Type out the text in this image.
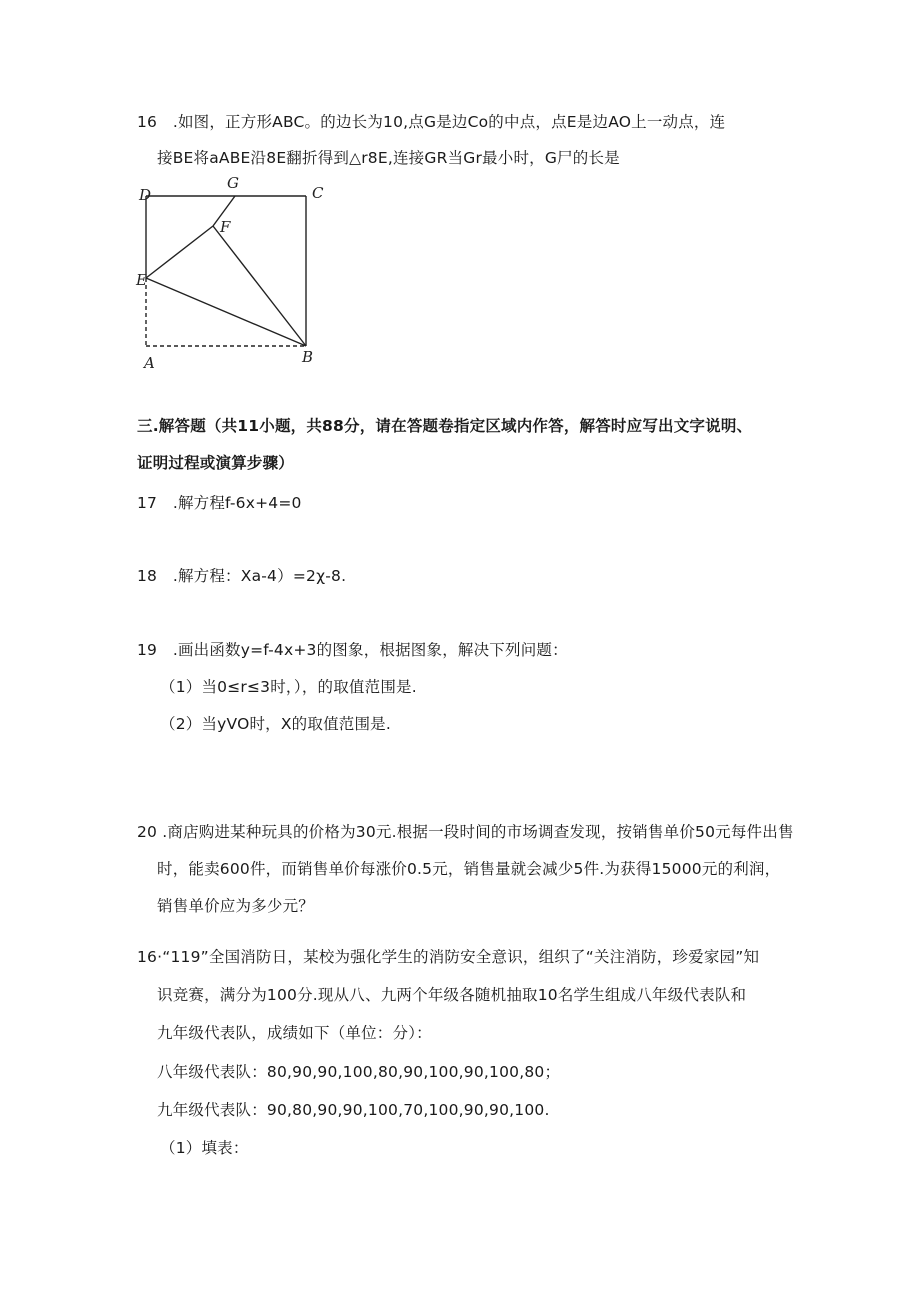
16　.如图，正方形ABC。的边长为10,点G是边Co的中点，点E是边AO上一动点，连
接BE将aABE沿8E翻折得到△r8E,连接GR当Gr最小时，G尸的长是
D
G
C
F
E
A	B
三.解答题（共11小题，共88分，请在答题卷指定区域内作答，解答时应写出文字说明、
证明过程或演算步骤）
17　.解方程f-6x+4=0
18　.解方程：Xa-4）=2χ-8.
19　.画出函数y=f-4x+3的图象，根据图象，解决下列问题：
（1）当0≤r≤3时，），的取值范围是.
（2）当yVO时，X的取值范围是.
20 .商店购进某种玩具的价格为30元.根据一段时间的市场调查发现，按销售单价50元每件出售
时，能卖600件，而销售单价每涨价0.5元，销售量就会减少5件.为获得15000元的利润，
销售单价应为多少元？
16·“119”全国消防日，某校为强化学生的消防安全意识，组织了“关注消防，珍爱家园”知
识竞赛，满分为100分.现从八、九两个年级各随机抽取10名学生组成八年级代表队和
九年级代表队，成绩如下（单位：分）：
八年级代表队：80,90,90,100,80,90,100,90,100,80；
九年级代表队：90,80,90,90,100,70,100,90,90,100.
（1）填表：
